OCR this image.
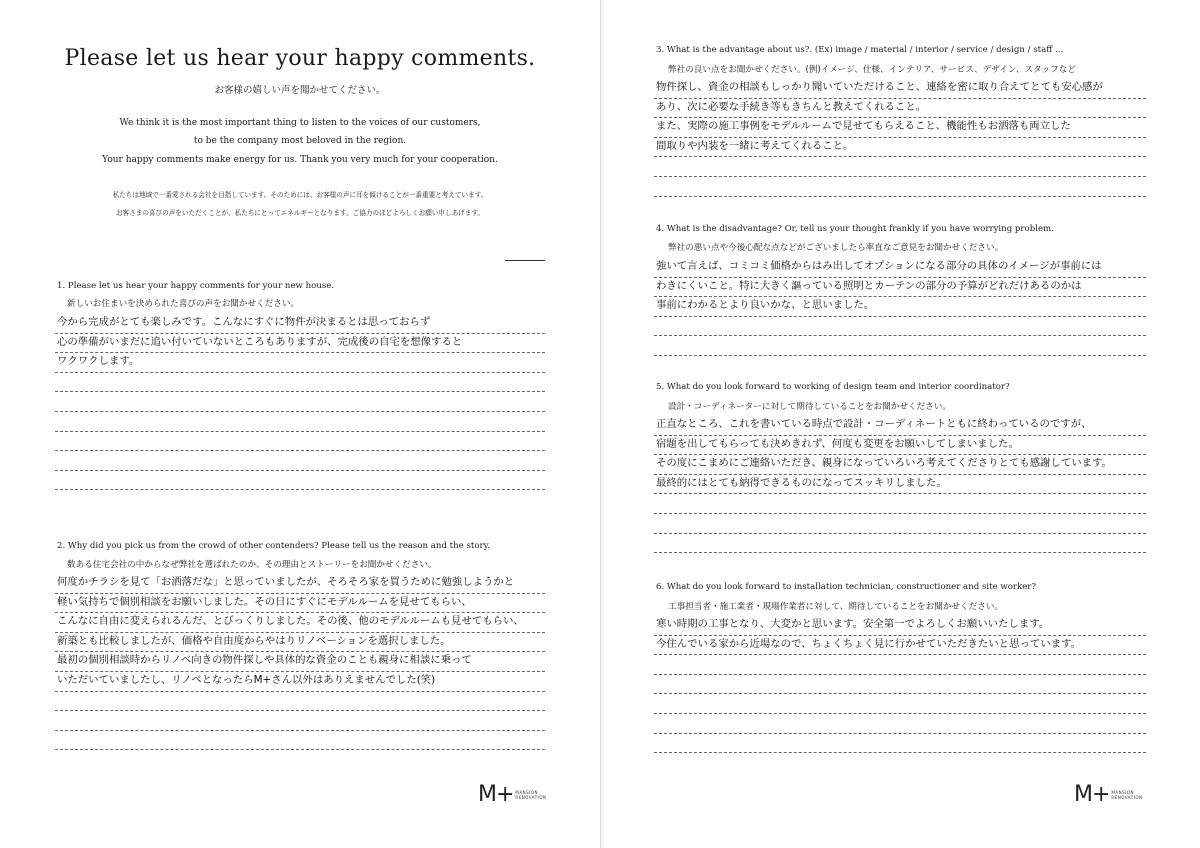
Please let us hear your happy comments.
お客様の嬉しい声を聞かせてください。
We think it is the most important thing to listen to the voices of our customers,
to be the company most beloved in the region.
Your happy comments make energy for us. Thank you very much for your cooperation.
私たちは地域で一番愛される会社を目指しています。そのためには、お客様の声に耳を傾けることが一番重要と考えています。
お客さまの喜びの声をいただくことが、私たちにとってエネルギーとなります。ご協力のほどよろしくお願い申しあげます。
1. Please let us hear your happy comments for your new house.
新しいお住まいを決められた喜びの声をお聞かせください。
今から完成がとても楽しみです。こんなにすぐに物件が決まるとは思っておらず
心の準備がいまだに追い付いていないところもありますが、完成後の自宅を想像すると
ワクワクします。
2. Why did you pick us from the crowd of other contenders? Please tell us the reason and the story.
数ある住宅会社の中からなぜ弊社を選ばれたのか、その理由とストーリーをお聞かせください。
何度かチラシを見て「お洒落だな」と思っていましたが、そろそろ家を買うために勉強しようかと
軽い気持ちで個別相談をお願いしました。その日にすぐにモデルルームを見せてもらい、
こんなに自由に変えられるんだ、とびっくりしました。その後、他のモデルルームも見せてもらい、
新築とも比較しましたが、価格や自由度からやはりリノベーションを選択しました。
最初の個別相談時からリノベ向きの物件探しや具体的な資金のことも親身に相談に乗って
いただいていましたし、リノベとなったらM+さん以外はありえませんでした(笑)
M+ MANSION
RENOVATION
3. What is the advantage about us?. (Ex) image / material / interior / service / design / staff ...
弊社の良い点をお聞かせください。(例)イメージ、仕様、インテリア、サービス、デザイン、スタッフなど
物件探し、資金の相談もしっかり聞いていただけること、連絡を密に取り合えてとても安心感が
あり、次に必要な手続き等もきちんと教えてくれること。
また、実際の施工事例をモデルルームで見せてもらえること、機能性もお洒落も両立した
間取りや内装を一緒に考えてくれること。
4. What is the disadvantage? Or, tell us your thought frankly if you have worrying problem.
弊社の悪い点や今後心配な点などがございましたら率直なご意見をお聞かせください。
強いて言えば、コミコミ価格からはみ出してオプションになる部分の具体のイメージが事前には
わきにくいこと。特に大きく謳っている照明とカーテンの部分の予算がどれだけあるのかは
事前にわかるとより良いかな、と思いました。
5. What do you look forward to working of design team and interior coordinator?
設計・コーディネーターに対して期待していることをお聞かせください。
正直なところ、これを書いている時点で設計・コーディネートともに終わっているのですが、
宿題を出してもらっても決めきれず、何度も変更をお願いしてしまいました。
その度にこまめにご連絡いただき、親身になっていろいろ考えてくださりとても感謝しています。
最終的にはとても納得できるものになってスッキリしました。
6. What do you look forward to installation technician, constructioner and site worker?
工事担当者・施工業者・現場作業者に対して、期待していることをお聞かせください。
寒い時期の工事となり、大変かと思います。安全第一でよろしくお願いいたします。
今住んでいる家から近場なので、ちょくちょく見に行かせていただきたいと思っています。
M+ MANSION
RENOVATION
